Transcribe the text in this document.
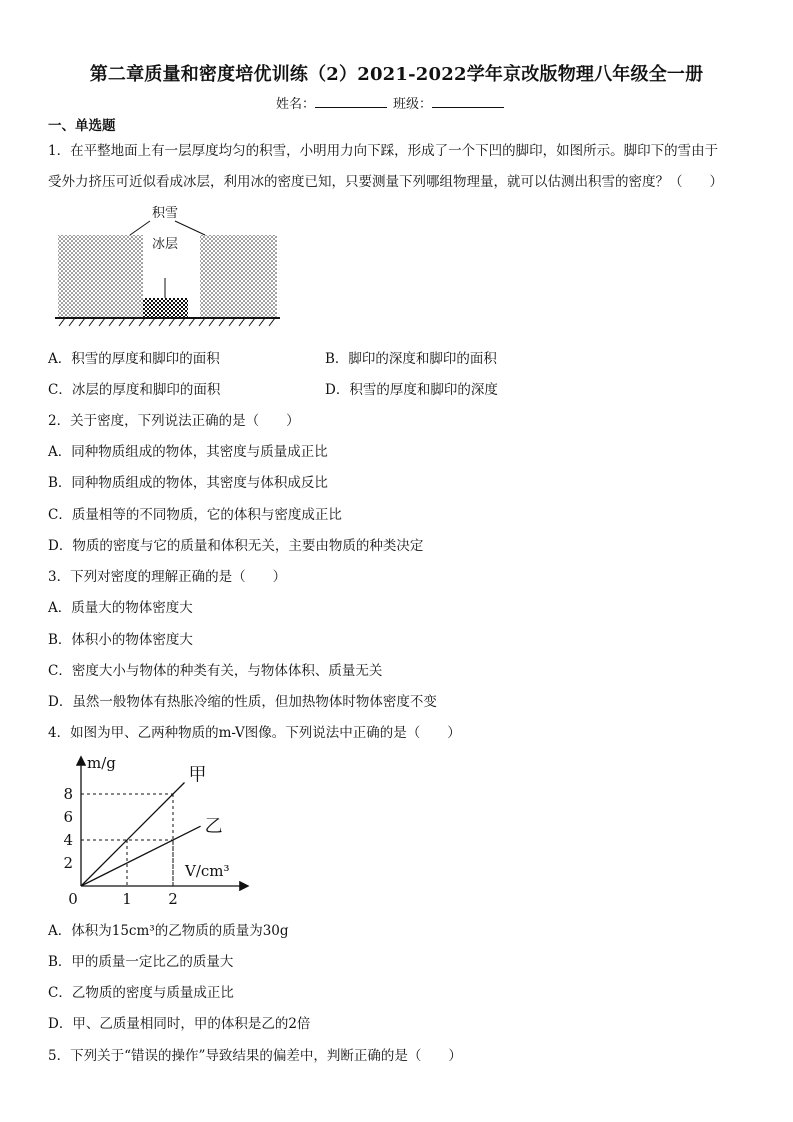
第二章质量和密度培优训练（2）2021-2022学年京改版物理八年级全一册
姓名：	班级：
一、单选题
1．在平整地面上有一层厚度均匀的积雪，小明用力向下踩，形成了一个下凹的脚印，如图所示。脚印下的雪由于
受外力挤压可近似看成冰层，利用冰的密度已知，只要测量下列哪组物理量，就可以估测出积雪的密度？（　　）
积雪
冰层
A．积雪的厚度和脚印的面积	B．脚印的深度和脚印的面积
C．冰层的厚度和脚印的面积	D．积雪的厚度和脚印的深度
2．关于密度，下列说法正确的是（　　）
A．同种物质组成的物体，其密度与质量成正比
B．同种物质组成的物体，其密度与体积成反比
C．质量相等的不同物质，它的体积与密度成正比
D．物质的密度与它的质量和体积无关，主要由物质的种类决定
3．下列对密度的理解正确的是（　　）
A．质量大的物体密度大
B．体积小的物体密度大
C．密度大小与物体的种类有关，与物体体积、质量无关
D．虽然一般物体有热胀冷缩的性质，但加热物体时物体密度不变
4．如图为甲、乙两种物质的m-V图像。下列说法中正确的是（　　）
m/g
V/cm³
0
甲
乙
2
4
6
8
1 2
A．体积为15cm³的乙物质的质量为30g
B．甲的质量一定比乙的质量大
C．乙物质的密度与质量成正比
D．甲、乙质量相同时，甲的体积是乙的2倍
5．下列关于“错误的操作”导致结果的偏差中，判断正确的是（　　）
